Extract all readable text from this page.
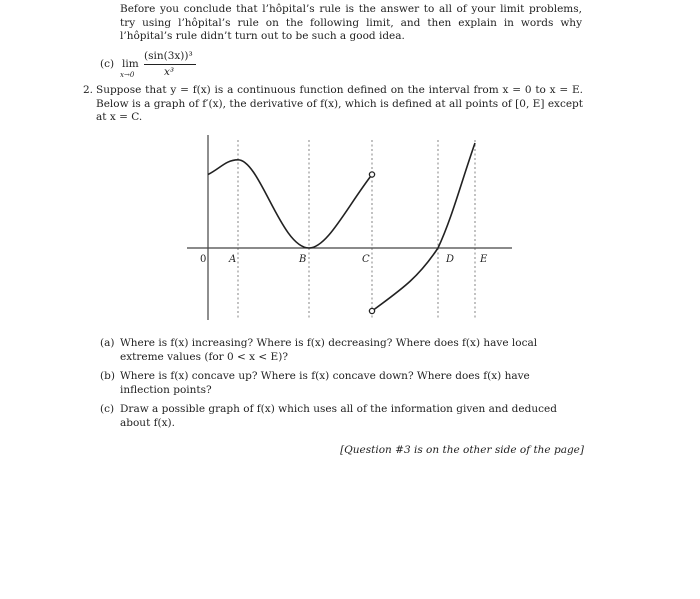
Before you conclude that l’hôpital’s rule is the answer to all of your limit problems, try using l’hôpital’s rule on the following limit, and then explain in words why l’hôpital’s rule didn’t turn out to be such a good idea.
(c) lim
x→0
(sin(3x))³
x³
2. Suppose that y = f(x) is a continuous function defined on the interval from x = 0 to x = E. Below is a graph of f′(x), the derivative of f(x), which is defined at all points of [0, E] except at x = C.
0 A	B	C	D	E
(a) Where is f(x) increasing? Where is f(x) decreasing? Where does f(x) have local extreme values (for 0 < x < E)?
(b) Where is f(x) concave up? Where is f(x) concave down? Where does f(x) have inflection points?
(c) Draw a possible graph of f(x) which uses all of the information given and deduced about f(x).
[Question #3 is on the other side of the page]
